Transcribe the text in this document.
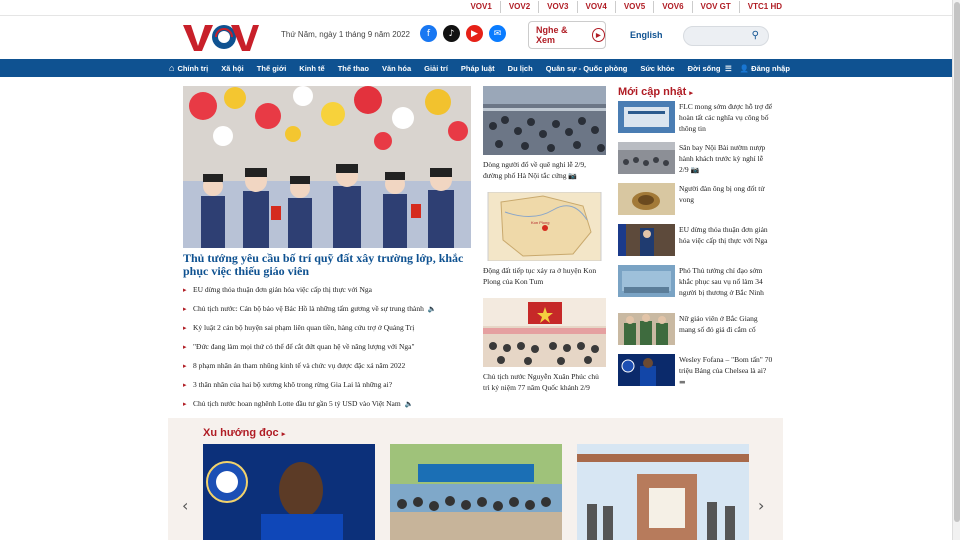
VOV1	VOV2	VOV3	VOV4	VOV5	VOV6	VOV GT	VTC1 HD
Thứ Năm, ngày 1 tháng 9 năm 2022	f	♪	▶	✉	Nghe & Xem	▶	English	⚲
⌂ Chính trị Xã hội Thế giới Kinh tế Thể thao Văn hóa Giải trí Pháp luật Du lịch Quân sự - Quốc phòng Sức khỏe Đời sống ☰ 👤 Đăng nhập
Thủ tướng yêu cầu bố trí quỹ đất xây trường lớp, khắc phục việc thiếu giáo viên
▸ EU dừng thỏa thuận đơn giản hóa việc cấp thị thực với Nga
▸ Chủ tịch nước: Cán bộ bảo vệ Bác Hồ là những tấm gương về sự trung thành 🔈
▸ Kỷ luật 2 cán bộ huyện sai phạm liên quan tiền, hàng cứu trợ ở Quảng Trị
▸ "Đức đang làm mọi thứ có thể để cắt đứt quan hệ về năng lượng với Nga"
▸ 8 phạm nhân án tham nhũng kinh tế và chức vụ được đặc xá năm 2022
▸ 3 thân nhân của hai bộ xương khô trong rừng Gia Lai là những ai?
▸ Chủ tịch nước hoan nghênh Lotte đầu tư gần 5 tỷ USD vào Việt Nam 🔈
Dòng người đổ về quê nghỉ lễ 2/9, đường phố Hà Nội tắc cứng 📷
Kon Plong
Động đất tiếp tục xảy ra ở huyện Kon Plong của Kon Tum
Chủ tịch nước Nguyễn Xuân Phúc chủ trì kỷ niệm 77 năm Quốc khánh 2/9
Mới cập nhật ▸
FLC mong sớm được hỗ trợ để hoàn tất các nghĩa vụ công bố thông tin
Sân bay Nội Bài nườm nượp hành khách trước kỳ nghỉ lễ 2/9 📷
Người đàn ông bị ong đốt tử vong
EU dừng thỏa thuận đơn giản hóa việc cấp thị thực với Nga
Phó Thủ tướng chỉ đạo sớm khắc phục sau vụ nổ làm 34 người bị thương ở Bắc Ninh
Nữ giáo viên ở Bắc Giang mang số đỏ giả đi cắm cố
Wesley Fofana – "Bom tấn" 70 triệu Bảng của Chelsea là ai? ▬
Xu hướng đọc ▸
‹	›
